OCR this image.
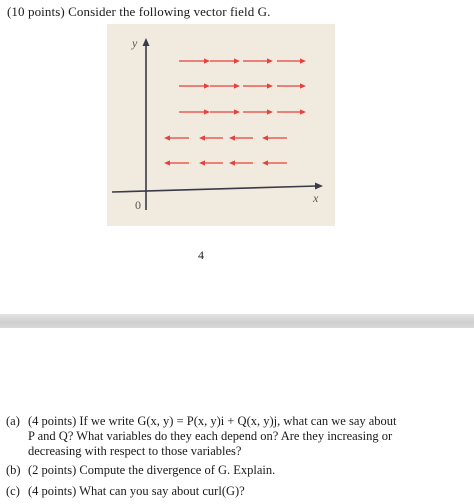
(10 points) Consider the following vector field G.
y
x
0
4
(a) (4 points) If we write G(x, y) = P(x, y)i + Q(x, y)j, what can we say about
P and Q? What variables do they each depend on? Are they increasing or
decreasing with respect to those variables?
(b) (2 points) Compute the divergence of G. Explain.
(c) (4 points) What can you say about curl(G)?
